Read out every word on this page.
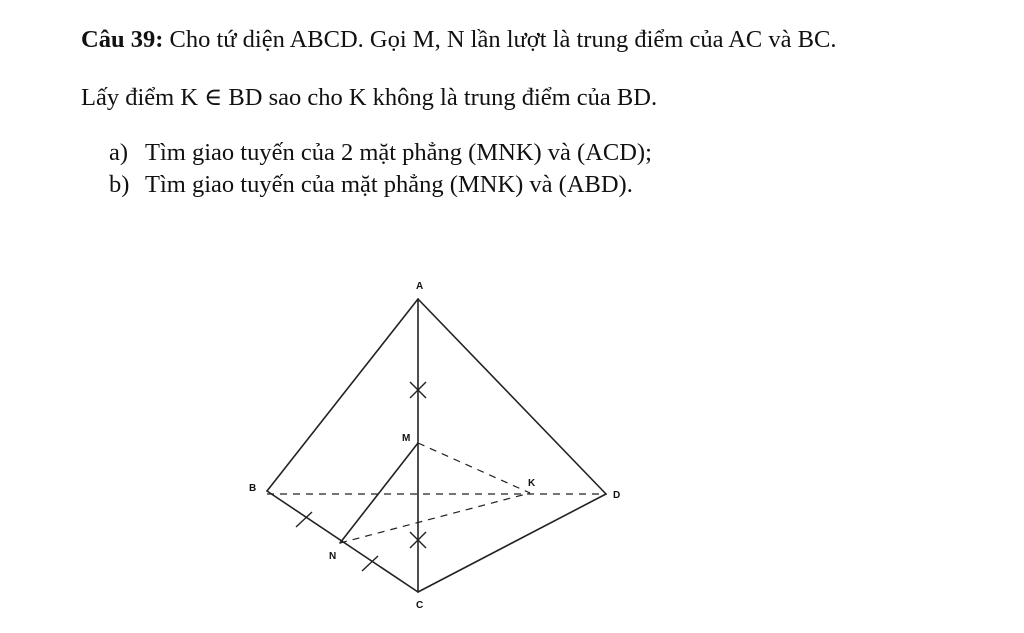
Câu 39: Cho tứ diện ABCD. Gọi M, N lần lượt là trung điểm của AC và BC.
Lấy điểm K ∈ BD sao cho K không là trung điểm của BD.
a) Tìm giao tuyến của 2 mặt phẳng (MNK) và (ACD);
b) Tìm giao tuyến của mặt phẳng (MNK) và (ABD).
A
B
C
D
M
N
K
